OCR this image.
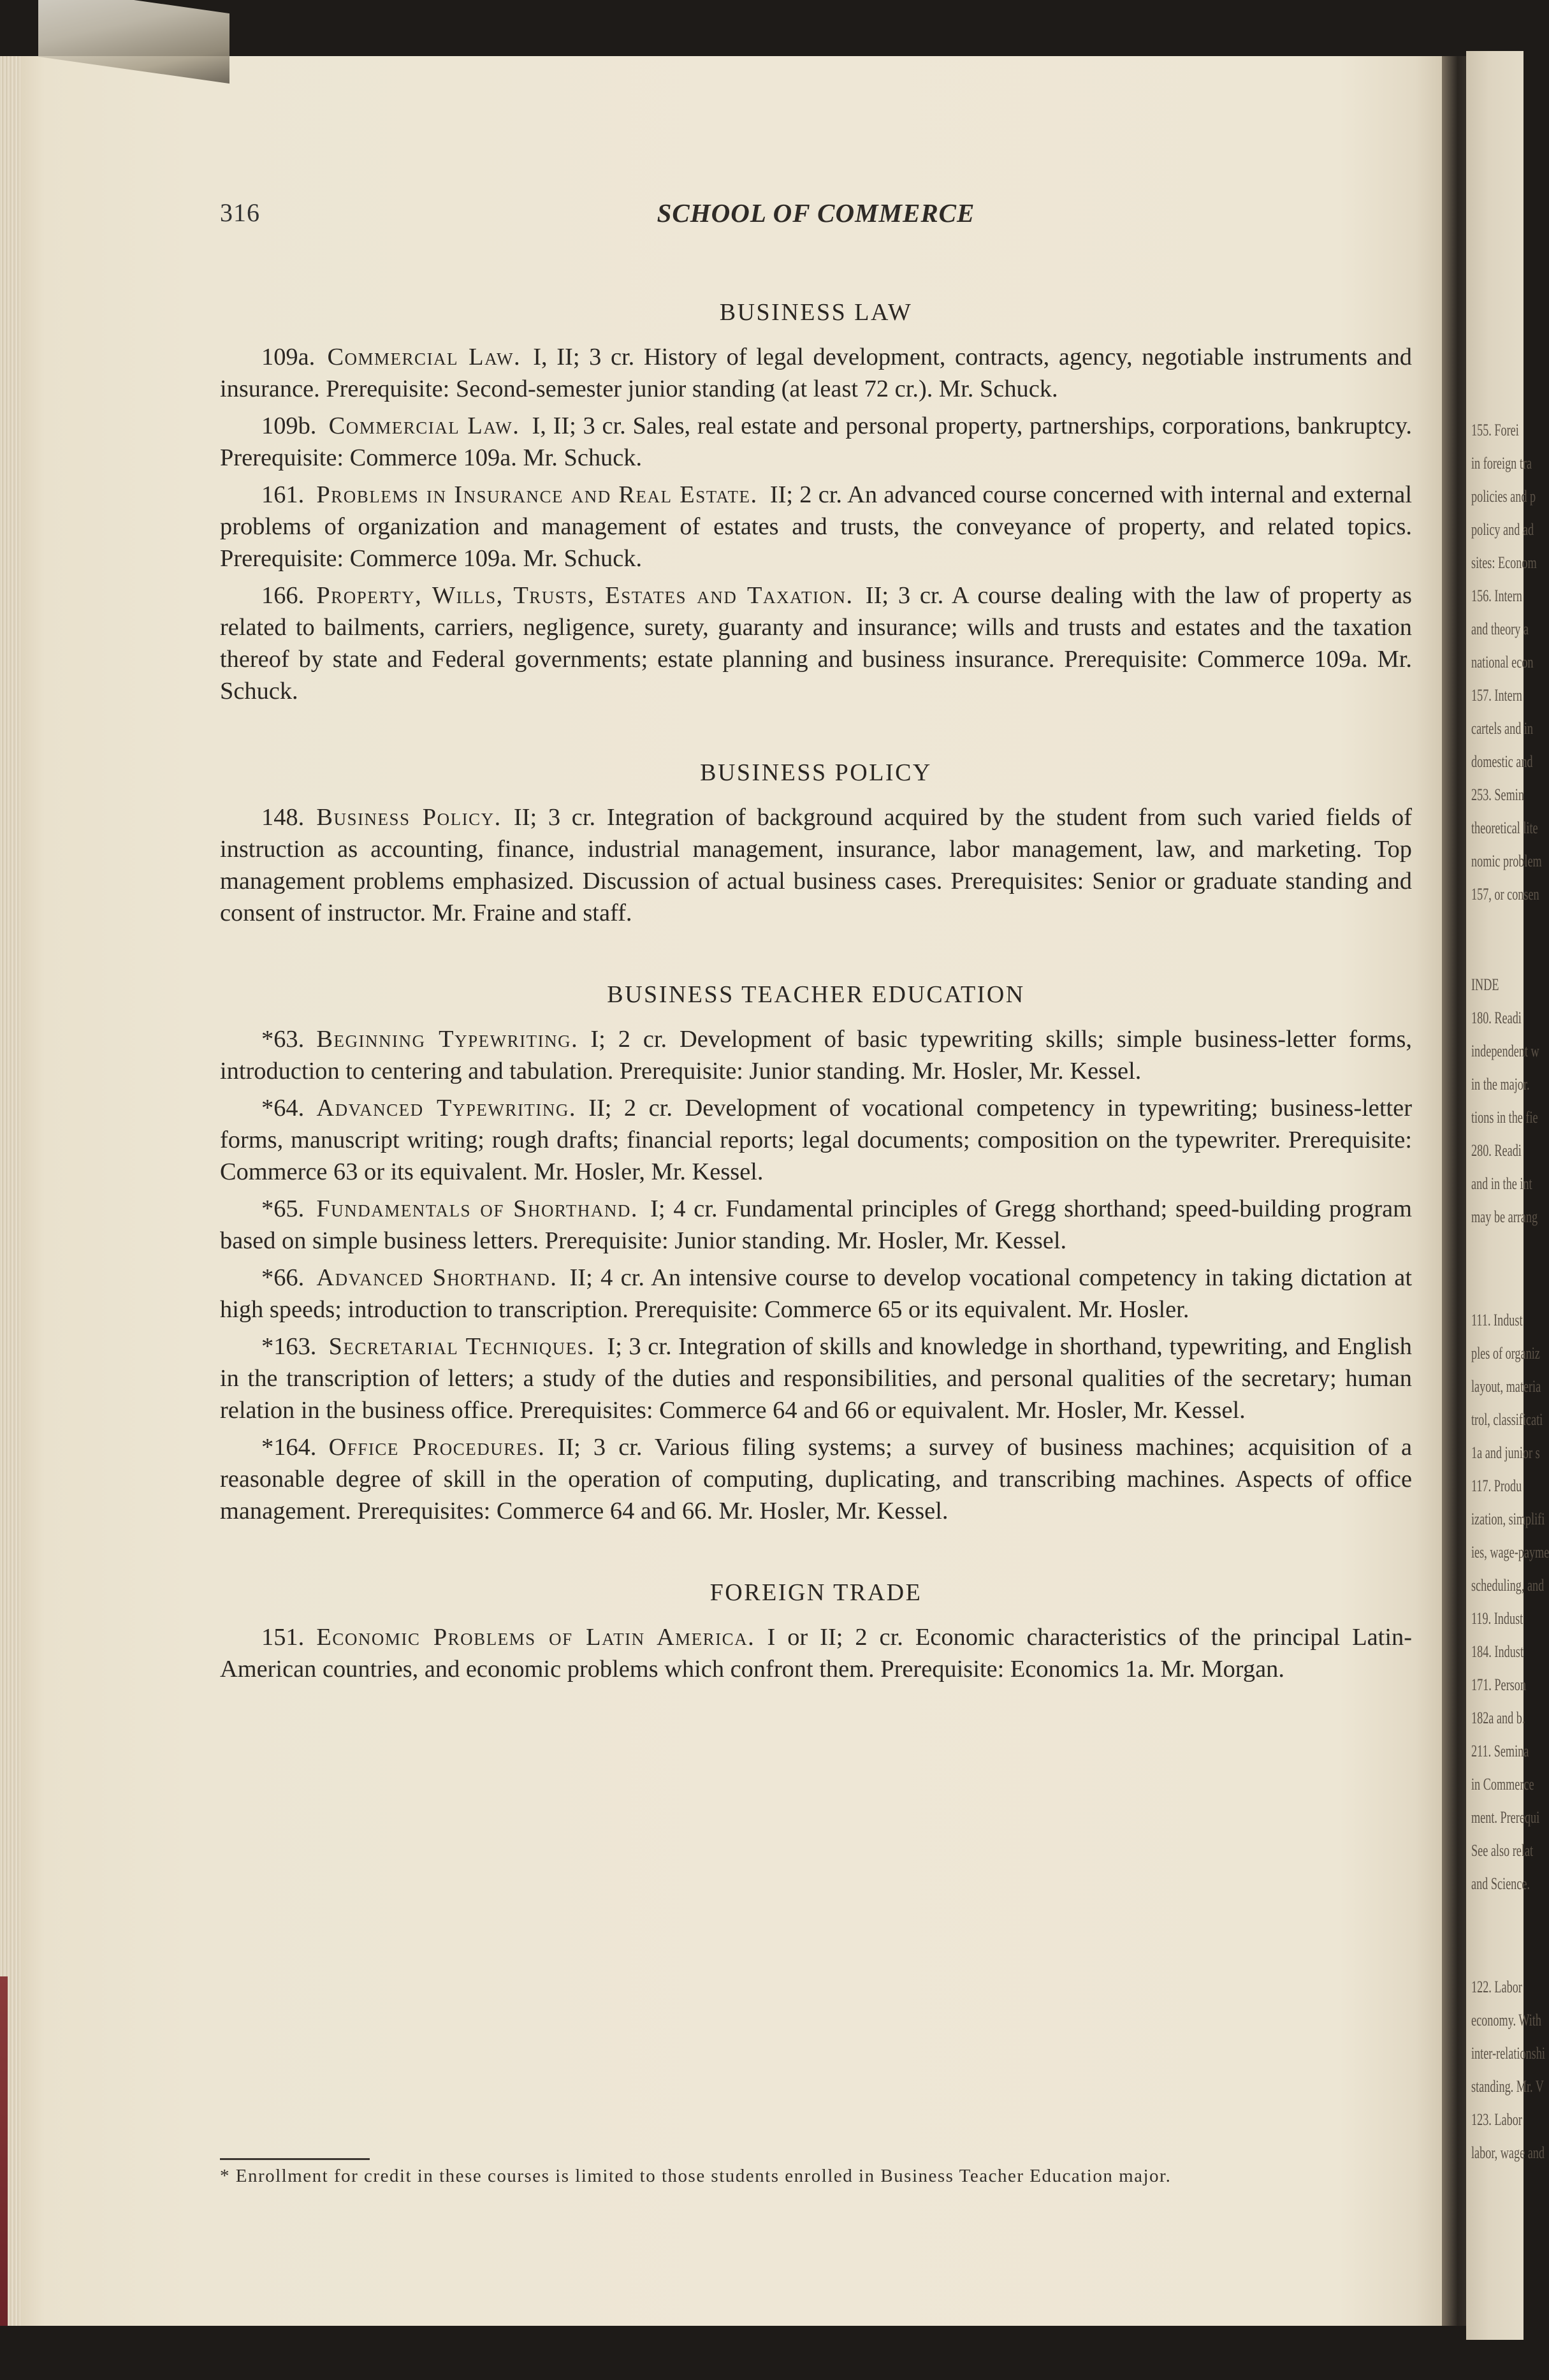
155. Forei
in foreign tra
policies and p
policy and ad
sites: Econom
156. Intern
and theory a
national econ
157. Intern
cartels and in
domestic and
253. Semin
theoretical lite
nomic problem
157, or consen
INDE
180. Readi
independent w
in the major.
tions in the fie
280. Readi
and in the int
may be arrang
111. Indust
ples of organiz
layout, materia
trol, classificati
1a and junior s
117. Produ
ization, simplifi
ies, wage-payme
scheduling, and
119. Indust
184. Indust
171. Person
182a and b.
211. Semina
in Commerce
ment. Prerequi
See also relat
and Science.
122. Labor
economy. With
inter-relationshi
standing. Mr. V
123. Labor
labor, wage and
316	SCHOOL OF COMMERCE
BUSINESS LAW

109a.  Commercial Law.  I, II; 3 cr. History of legal development, contracts, agency, negotiable instruments and insurance. Prerequisite: Second-semester junior standing (at least 72 cr.). Mr. Schuck.

109b.  Commercial Law.  I, II; 3 cr. Sales, real estate and personal property, partnerships, corporations, bankruptcy. Prerequisite: Commerce 109a. Mr. Schuck.

161.  Problems in Insurance and Real Estate.  II; 2 cr. An advanced course concerned with internal and external problems of organization and management of estates and trusts, the conveyance of property, and related topics. Prerequisite: Commerce 109a. Mr. Schuck.

166.  Property, Wills, Trusts, Estates and Taxation.  II; 3 cr. A course dealing with the law of property as related to bailments, carriers, negligence, surety, guaranty and insurance; wills and trusts and estates and the taxation thereof by state and Federal governments; estate planning and business insurance. Prerequisite: Commerce 109a. Mr. Schuck.

BUSINESS POLICY

148.  Business Policy.  II; 3 cr. Integration of background acquired by the student from such varied fields of instruction as accounting, finance, industrial management, insurance, labor management, law, and marketing. Top management problems emphasized. Discussion of actual business cases. Prerequisites: Senior or graduate standing and consent of instructor. Mr. Fraine and staff.

BUSINESS TEACHER EDUCATION

*63.  Beginning Typewriting.  I; 2 cr. Development of basic typewriting skills; simple business-letter forms, introduction to centering and tabulation. Prerequisite: Junior standing. Mr. Hosler, Mr. Kessel.

*64.  Advanced Typewriting.  II; 2 cr. Development of vocational competency in typewriting; business-letter forms, manuscript writing; rough drafts; financial reports; legal documents; composition on the typewriter. Prerequisite: Commerce 63 or its equivalent. Mr. Hosler, Mr. Kessel.

*65.  Fundamentals of Shorthand.  I; 4 cr. Fundamental principles of Gregg shorthand; speed-building program based on simple business letters. Prerequisite: Junior standing. Mr. Hosler, Mr. Kessel.

*66.  Advanced Shorthand.  II; 4 cr. An intensive course to develop vocational competency in taking dictation at high speeds; introduction to transcription. Prerequisite: Commerce 65 or its equivalent. Mr. Hosler.

*163.  Secretarial Techniques.  I; 3 cr. Integration of skills and knowledge in shorthand, typewriting, and English in the transcription of letters; a study of the duties and responsibilities, and personal qualities of the secretary; human relation in the business office. Prerequisites: Commerce 64 and 66 or equivalent. Mr. Hosler, Mr. Kessel.

*164.  Office Procedures.  II; 3 cr. Various filing systems; a survey of business machines; acquisition of a reasonable degree of skill in the operation of computing, duplicating, and transcribing machines. Aspects of office management. Prerequisites: Commerce 64 and 66. Mr. Hosler, Mr. Kessel.

FOREIGN TRADE

151.  Economic Problems of Latin America.  I or II; 2 cr. Economic characteristics of the principal Latin-American countries, and economic problems which confront them. Prerequisite: Economics 1a. Mr. Morgan.

* Enrollment for credit in these courses is limited to those students enrolled in Business Teacher Education major.
